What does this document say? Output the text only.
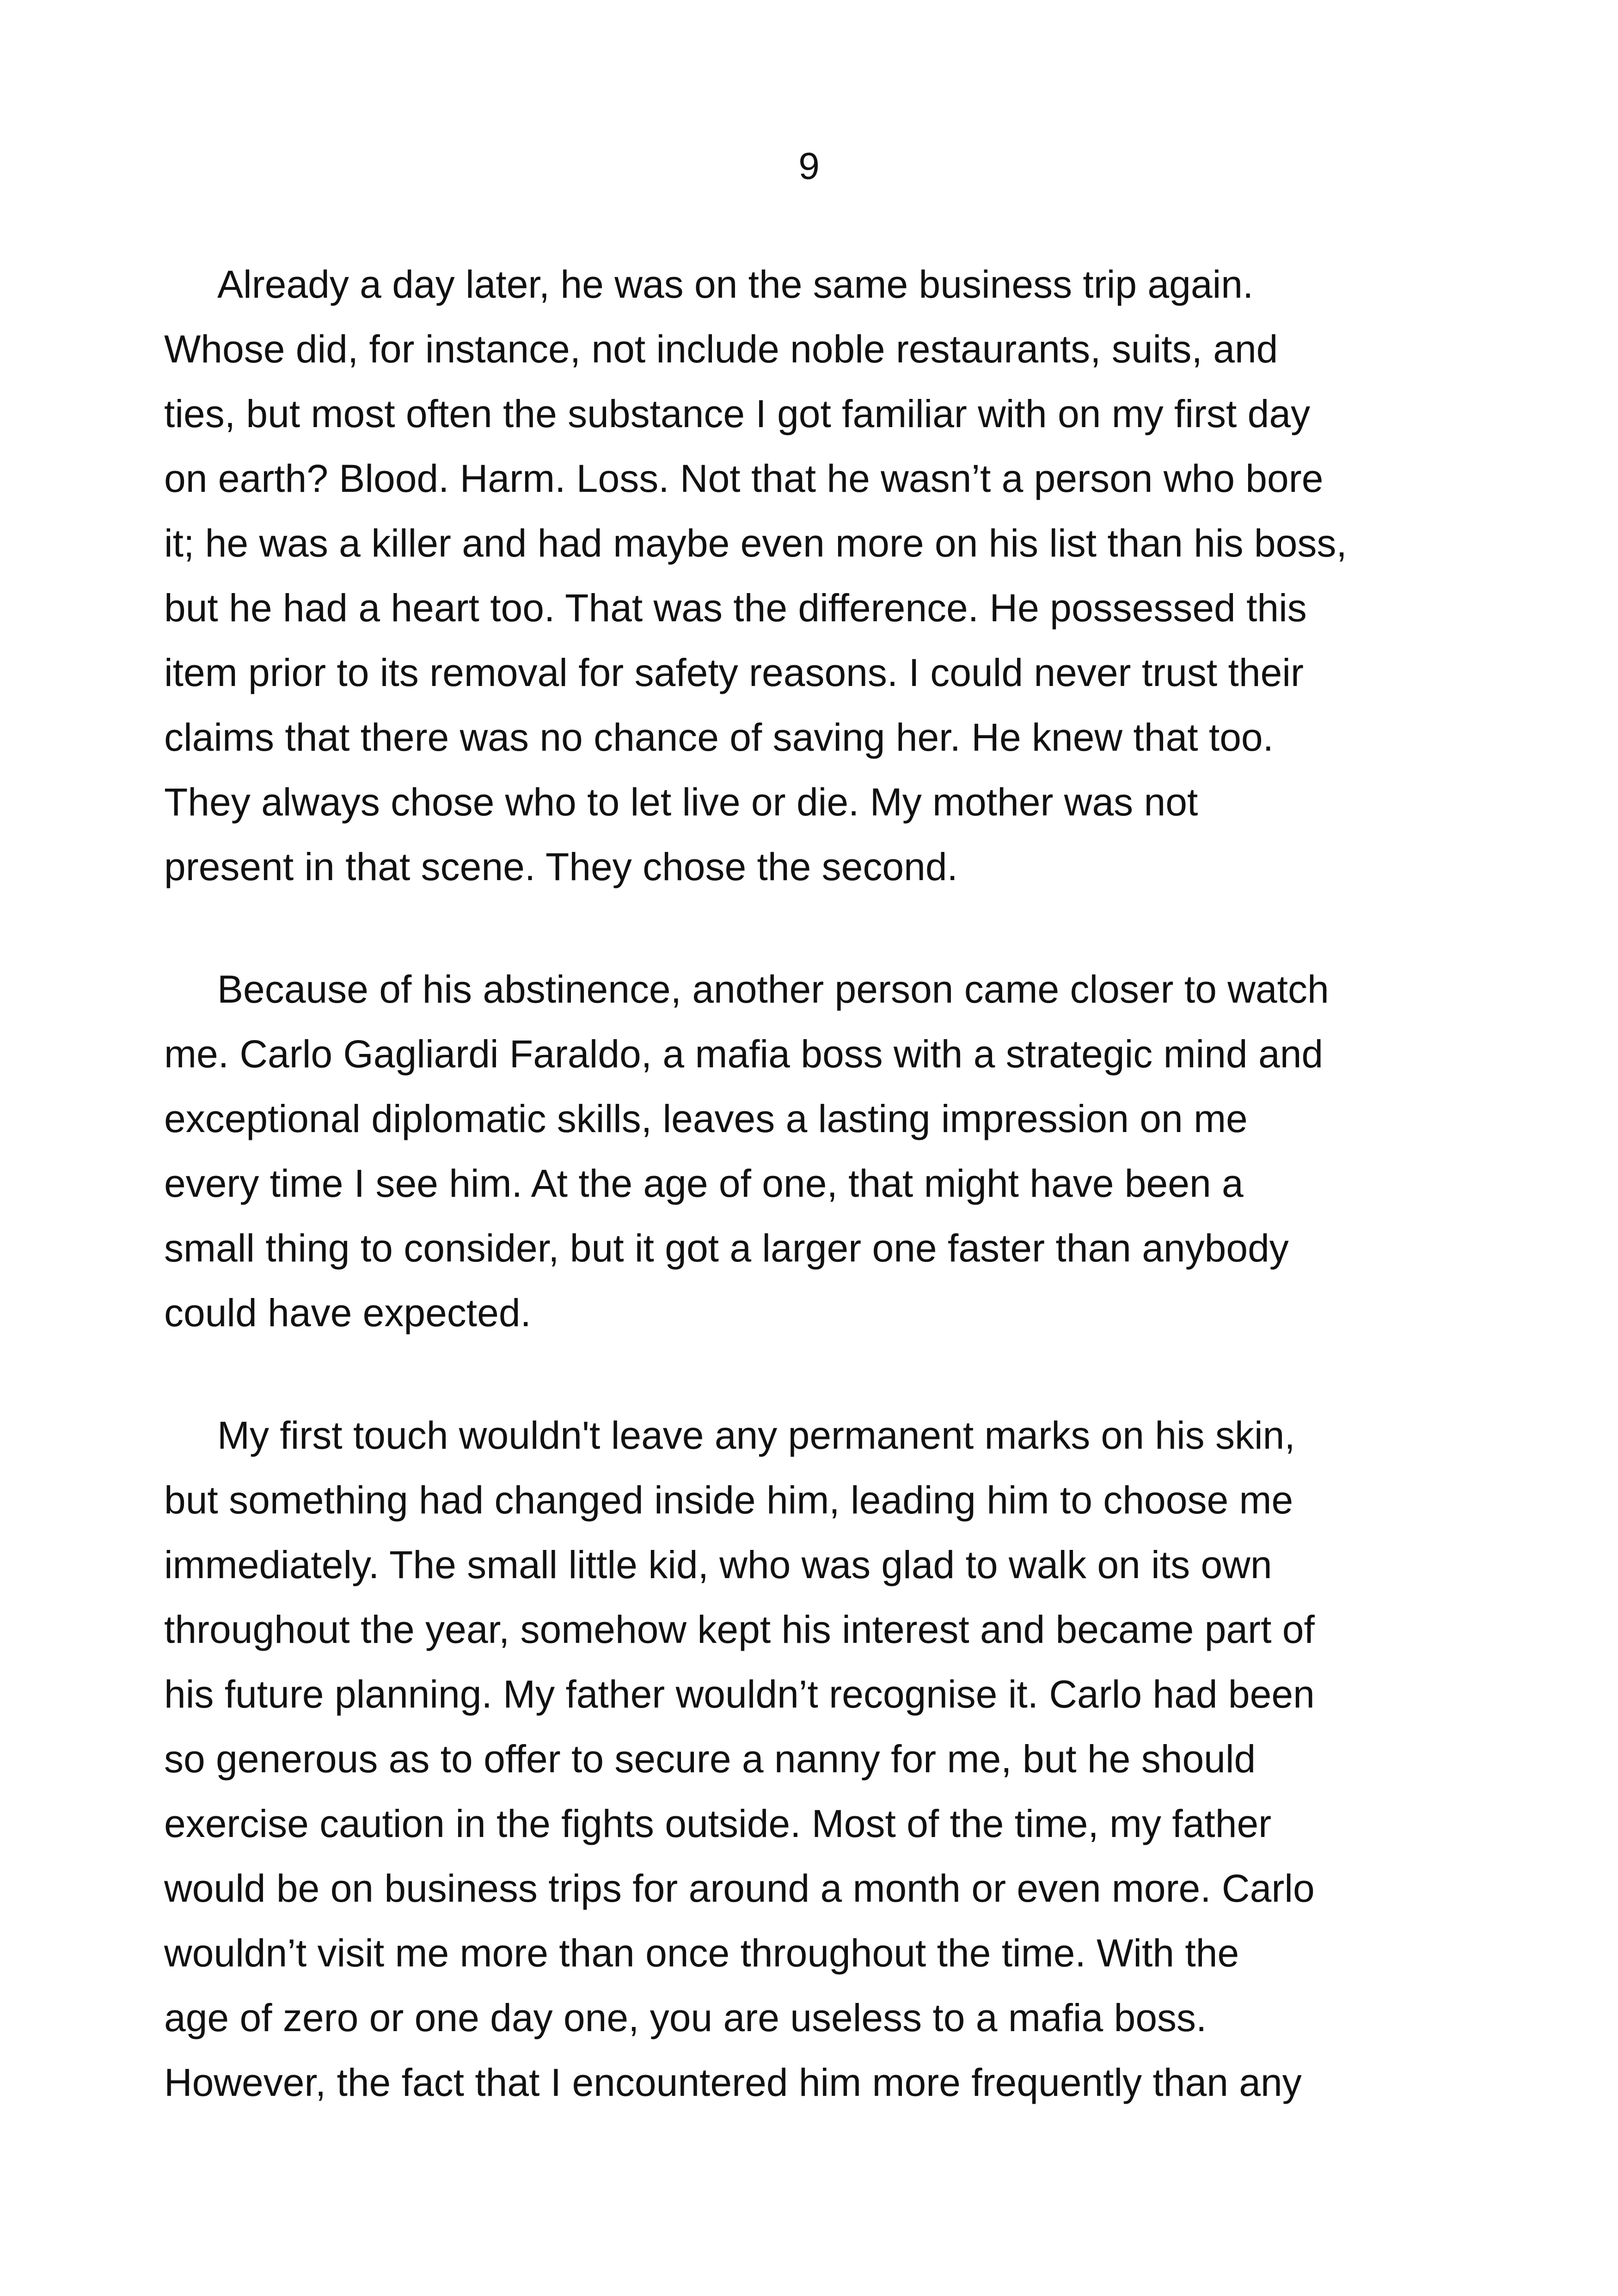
9
Already a day later, he was on the same business trip again.
Whose did, for instance, not include noble restaurants, suits, and
ties, but most often the substance I got familiar with on my first day
on earth? Blood. Harm. Loss. Not that he wasn’t a person who bore
it; he was a killer and had maybe even more on his list than his boss,
but he had a heart too. That was the difference. He possessed this
item prior to its removal for safety reasons. I could never trust their
claims that there was no chance of saving her. He knew that too.
They always chose who to let live or die. My mother was not
present in that scene. They chose the second.
Because of his abstinence, another person came closer to watch
me. Carlo Gagliardi Faraldo, a mafia boss with a strategic mind and
exceptional diplomatic skills, leaves a lasting impression on me
every time I see him. At the age of one, that might have been a
small thing to consider, but it got a larger one faster than anybody
could have expected.
My first touch wouldn't leave any permanent marks on his skin,
but something had changed inside him, leading him to choose me
immediately. The small little kid, who was glad to walk on its own
throughout the year, somehow kept his interest and became part of
his future planning. My father wouldn’t recognise it. Carlo had been
so generous as to offer to secure a nanny for me, but he should
exercise caution in the fights outside. Most of the time, my father
would be on business trips for around a month or even more. Carlo
wouldn’t visit me more than once throughout the time. With the
age of zero or one day one, you are useless to a mafia boss.
However, the fact that I encountered him more frequently than any
